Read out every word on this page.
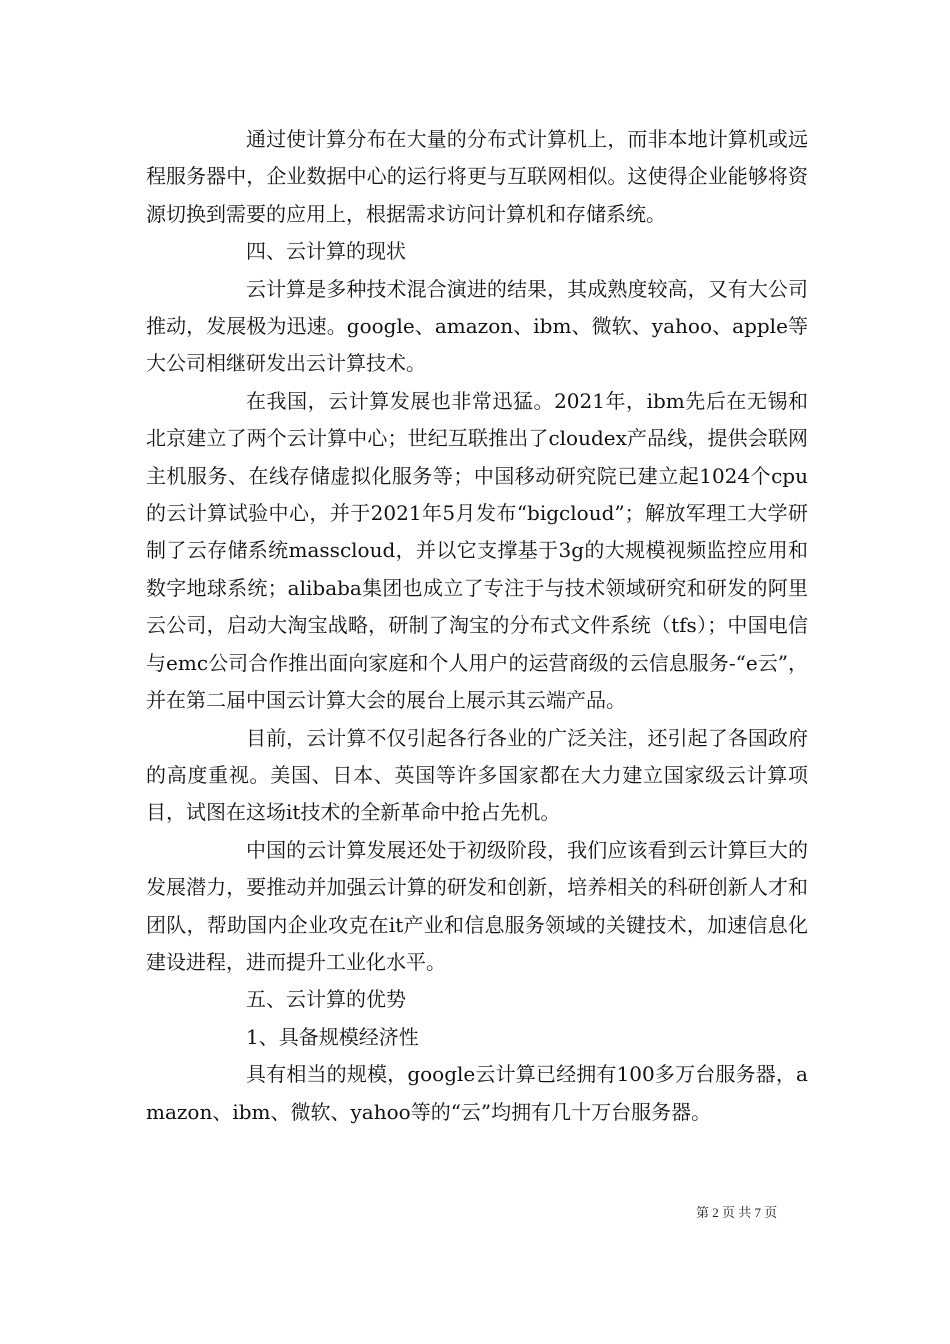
通过使计算分布在大量的分布式计算机上，而非本地计算机或远程服务器中，企业数据中心的运行将更与互联网相似。这使得企业能够将资源切换到需要的应用上，根据需求访问计算机和存储系统。

四、云计算的现状

云计算是多种技术混合演进的结果，其成熟度较高，又有大公司推动，发展极为迅速。google、amazon、ibm、微软、yahoo、apple等大公司相继研发出云计算技术。

在我国，云计算发展也非常迅猛。2021年，ibm先后在无锡和北京建立了两个云计算中心；世纪互联推出了cloudex产品线，提供会联网主机服务、在线存储虚拟化服务等；中国移动研究院已建立起1024个cpu的云计算试验中心，并于2021年5月发布“bigcloud”；解放军理工大学研制了云存储系统masscloud，并以它支撑基于3g的大规模视频监控应用和数字地球系统；alibaba集团也成立了专注于与技术领域研究和研发的阿里云公司，启动大淘宝战略，研制了淘宝的分布式文件系统（tfs）；中国电信与emc公司合作推出面向家庭和个人用户的运营商级的云信息服务-“e云”，并在第二届中国云计算大会的展台上展示其云端产品。

目前，云计算不仅引起各行各业的广泛关注，还引起了各国政府的高度重视。美国、日本、英国等许多国家都在大力建立国家级云计算项目，试图在这场it技术的全新革命中抢占先机。

中国的云计算发展还处于初级阶段，我们应该看到云计算巨大的发展潜力，要推动并加强云计算的研发和创新，培养相关的科研创新人才和团队，帮助国内企业攻克在it产业和信息服务领域的关键技术，加速信息化建设进程，进而提升工业化水平。

五、云计算的优势

1、具备规模经济性

具有相当的规模，google云计算已经拥有100多万台服务器，amazon、ibm、微软、yahoo等的“云”均拥有几十万台服务器。

第 2 页 共 7 页
